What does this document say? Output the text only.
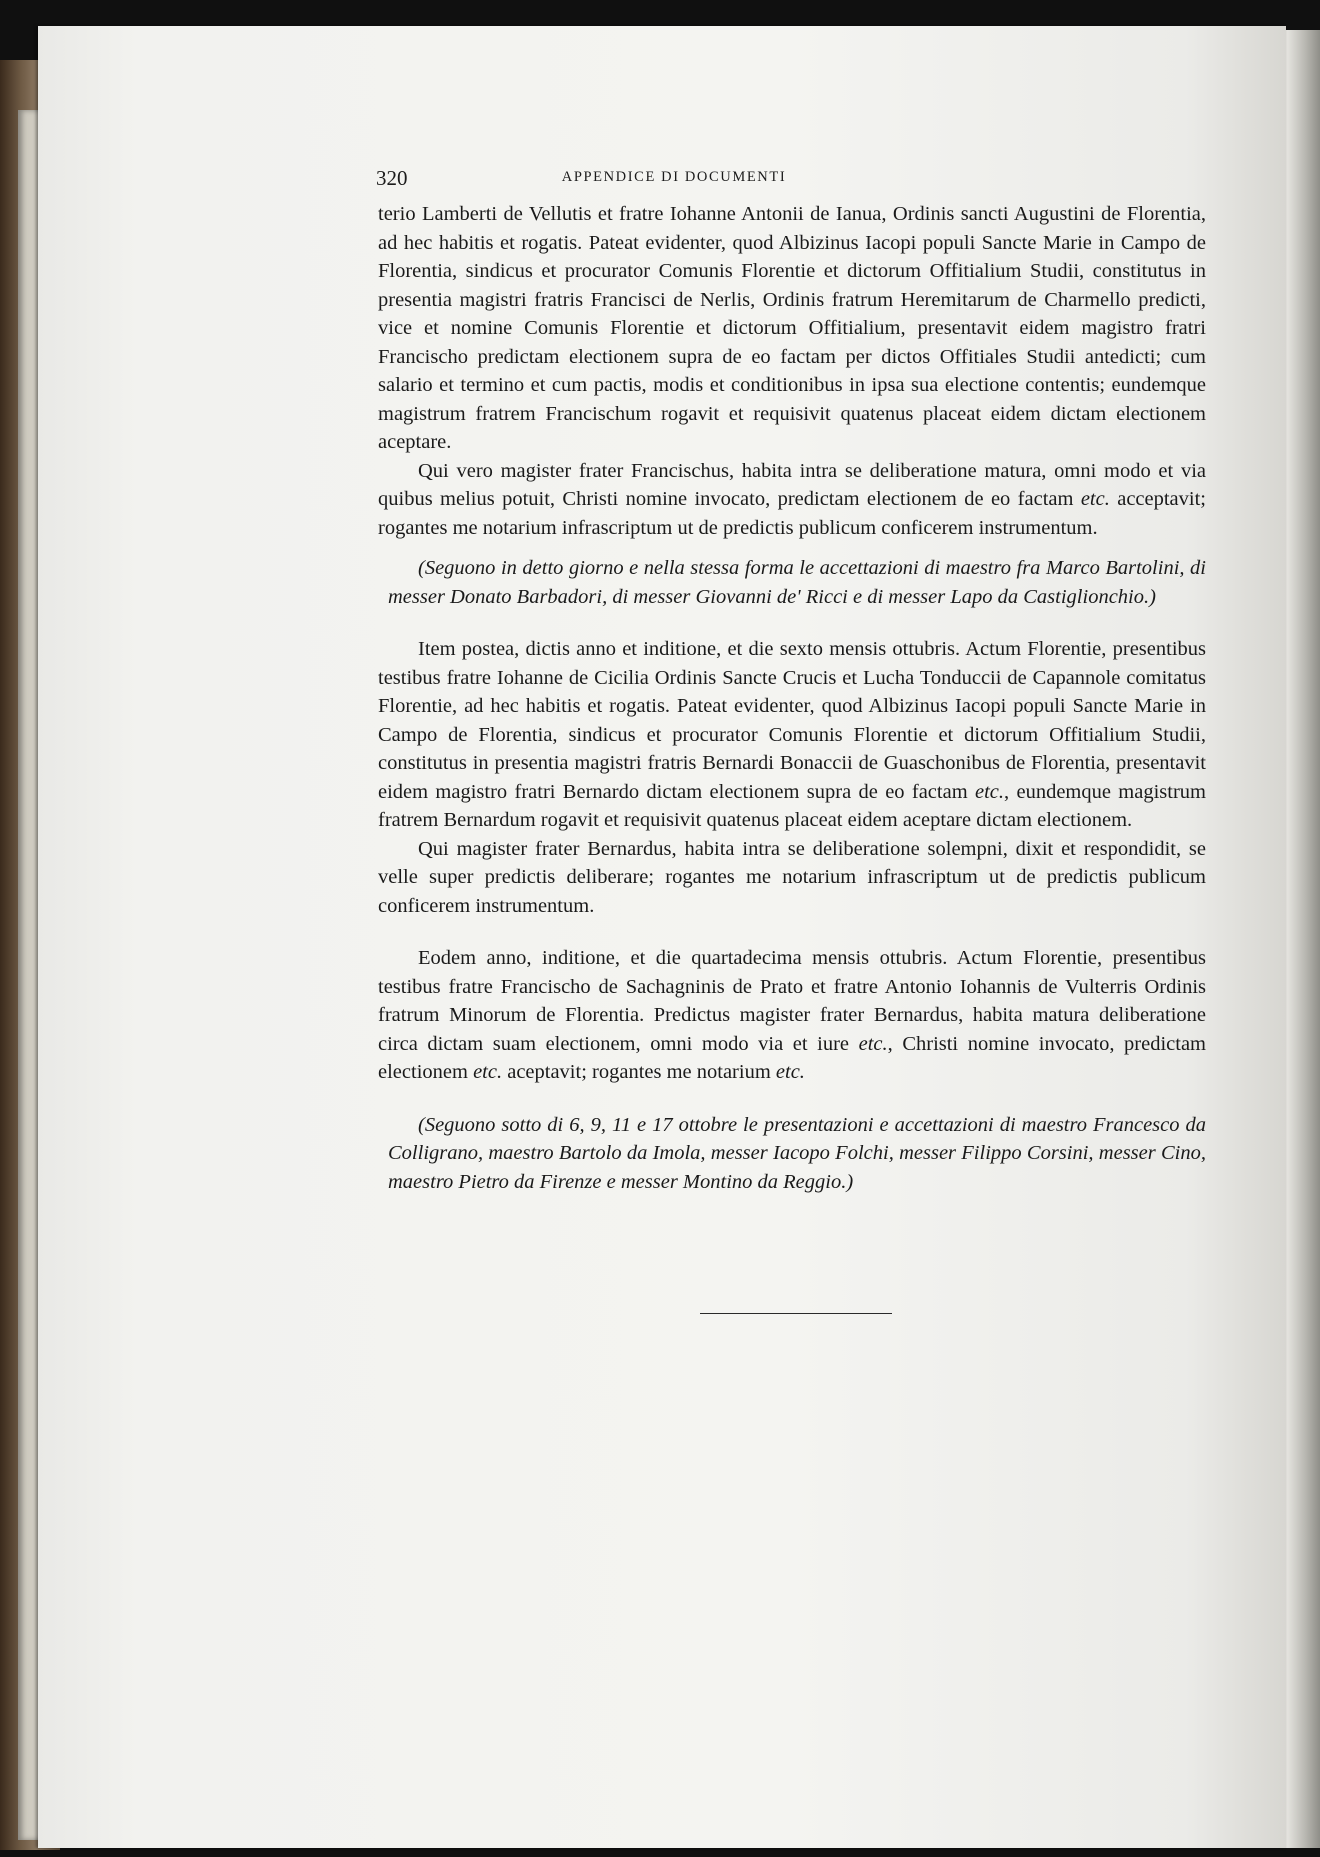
320	APPENDICE DI DOCUMENTI

terio Lamberti de Vellutis et fratre Iohanne Antonii de Ianua, Ordinis sancti Augustini de Florentia, ad hec habitis et rogatis. Pateat evidenter, quod Albizinus Iacopi populi Sancte Marie in Campo de Florentia, sindicus et procurator Comunis Florentie et dictorum Offitialium Studii, constitutus in presentia magistri fratris Francisci de Nerlis, Ordinis fratrum Heremitarum de Charmello predicti, vice et nomine Comunis Florentie et dictorum Offitialium, presentavit eidem magistro fratri Francischo predictam electionem supra de eo factam per dictos Offitiales Studii antedicti; cum salario et termino et cum pactis, modis et conditionibus in ipsa sua electione contentis; eundemque magistrum fratrem Francischum rogavit et requisivit quatenus placeat eidem dictam electionem aceptare.

Qui vero magister frater Francischus, habita intra se deliberatione matura, omni modo et via quibus melius potuit, Christi nomine invocato, predictam electionem de eo factam etc. acceptavit; rogantes me notarium infrascriptum ut de predictis publicum conficerem instrumentum.

(Seguono in detto giorno e nella stessa forma le accettazioni di maestro fra Marco Bartolini, di messer Donato Barbadori, di messer Giovanni de' Ricci e di messer Lapo da Castiglionchio.)

Item postea, dictis anno et inditione, et die sexto mensis ottubris. Actum Florentie, presentibus testibus fratre Iohanne de Cicilia Ordinis Sancte Crucis et Lucha Tonduccii de Capannole comitatus Florentie, ad hec habitis et rogatis. Pateat evidenter, quod Albizinus Iacopi populi Sancte Marie in Campo de Florentia, sindicus et procurator Comunis Florentie et dictorum Offitialium Studii, constitutus in presentia magistri fratris Bernardi Bonaccii de Guaschonibus de Florentia, presentavit eidem magistro fratri Bernardo dictam electionem supra de eo factam etc., eundemque magistrum fratrem Bernardum rogavit et requisivit quatenus placeat eidem aceptare dictam electionem.

Qui magister frater Bernardus, habita intra se deliberatione solempni, dixit et respondidit, se velle super predictis deliberare; rogantes me notarium infrascriptum ut de predictis publicum conficerem instrumentum.

Eodem anno, inditione, et die quartadecima mensis ottubris. Actum Florentie, presentibus testibus fratre Francischo de Sachagninis de Prato et fratre Antonio Iohannis de Vulterris Ordinis fratrum Minorum de Florentia. Predictus magister frater Bernardus, habita matura deliberatione circa dictam suam electionem, omni modo via et iure etc., Christi nomine invocato, predictam electionem etc. aceptavit; rogantes me notarium etc.

(Seguono sotto di 6, 9, 11 e 17 ottobre le presentazioni e accettazioni di maestro Francesco da Colligrano, maestro Bartolo da Imola, messer Iacopo Folchi, messer Filippo Corsini, messer Cino, maestro Pietro da Firenze e messer Montino da Reggio.)
